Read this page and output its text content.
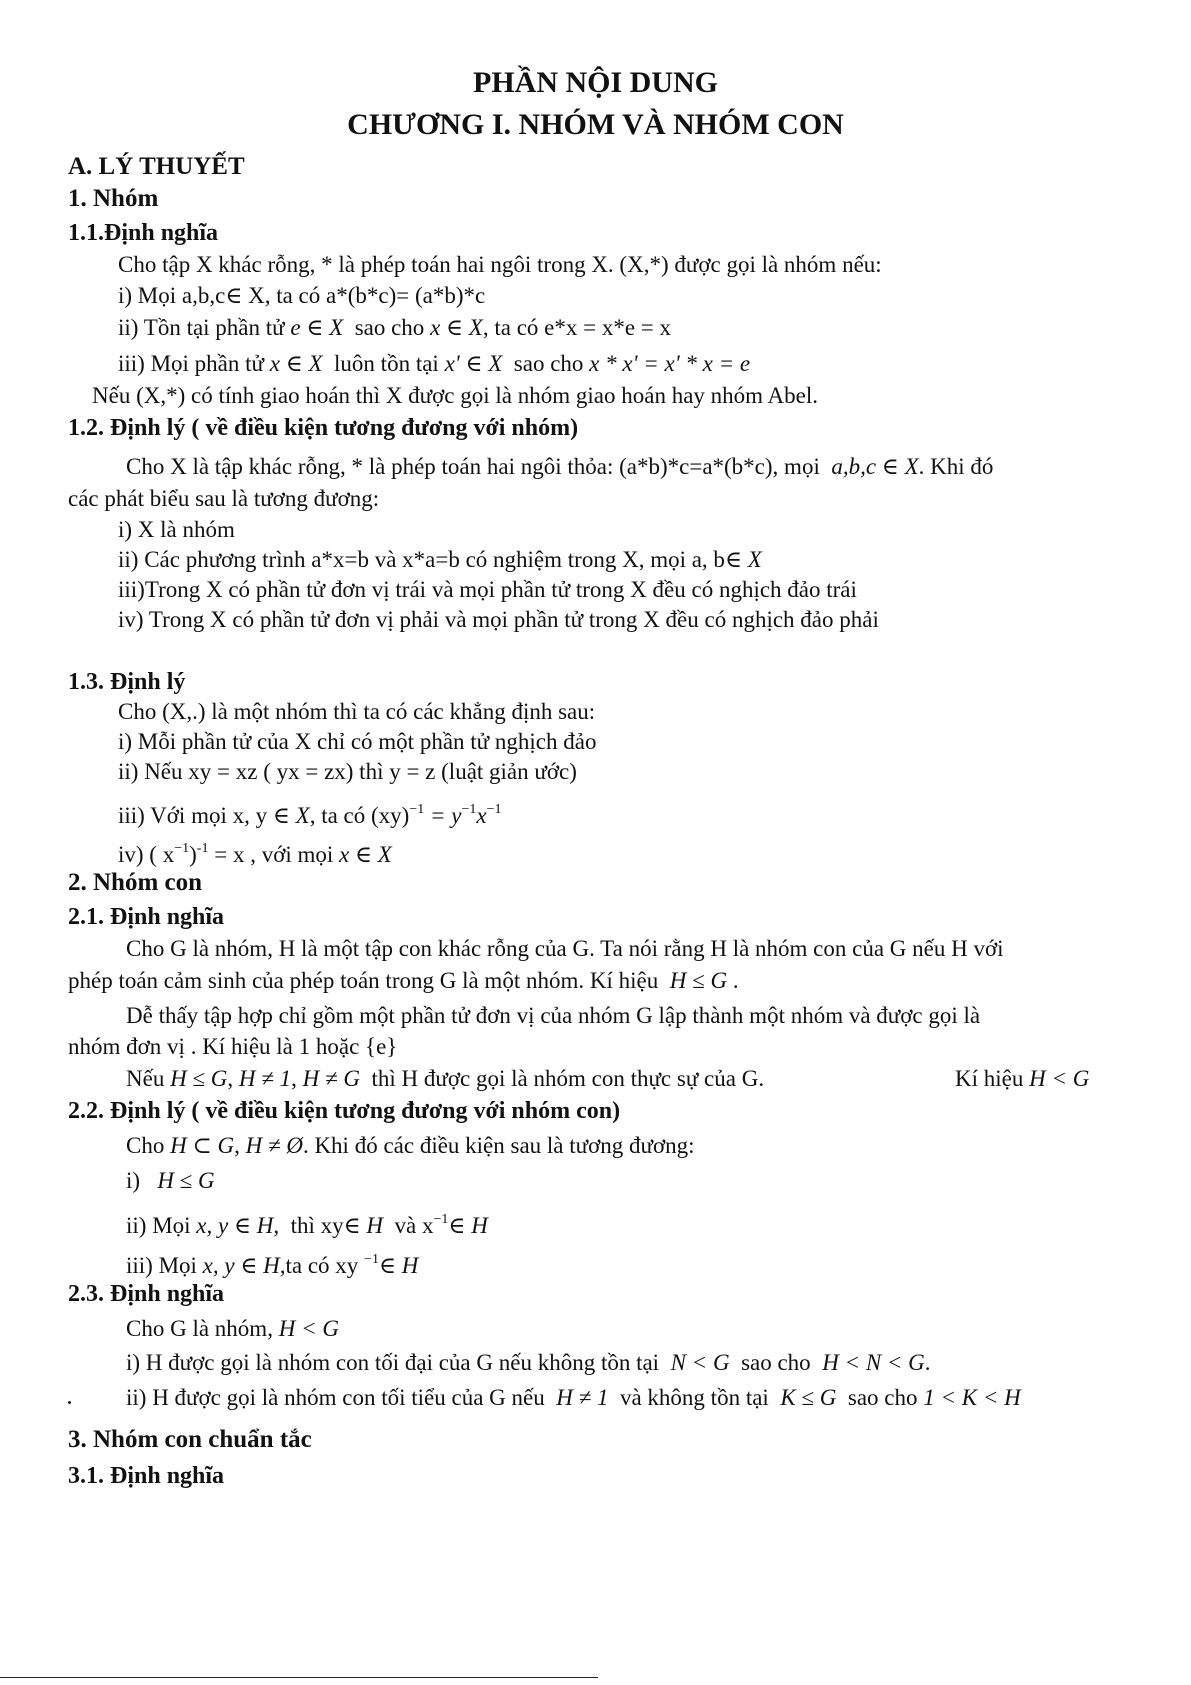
PHẦN NỘI DUNG
CHƯƠNG I. NHÓM VÀ NHÓM CON
A. LÝ THUYẾT
1. Nhóm
1.1.Định nghĩa
Cho tập X khác rỗng, * là phép toán hai ngôi trong X. (X,*) được gọi là nhóm nếu:
i) Mọi a,b,c∈ X, ta có a*(b*c)= (a*b)*c
ii) Tồn tại phần tử e ∈ X sao cho x ∈ X, ta có e*x = x*e = x
iii) Mọi phần tử x ∈ X luôn tồn tại x' ∈ X sao cho x * x' = x' * x = e
Nếu (X,*) có tính giao hoán thì X được gọi là nhóm giao hoán hay nhóm Abel.
1.2. Định lý ( về điều kiện tương đương với nhóm)
Cho X là tập khác rỗng, * là phép toán hai ngôi thỏa: (a*b)*c=a*(b*c), mọi a,b,c ∈ X. Khi đó
các phát biểu sau là tương đương:
i) X là nhóm
ii) Các phương trình a*x=b và x*a=b có nghiệm trong X, mọi a, b∈ X
iii)Trong X có phần tử đơn vị trái và mọi phần tử trong X đều có nghịch đảo trái
iv) Trong X có phần tử đơn vị phải và mọi phần tử trong X đều có nghịch đảo phải
1.3. Định lý
Cho (X,.) là một nhóm thì ta có các khẳng định sau:
i) Mỗi phần tử của X chỉ có một phần tử nghịch đảo
ii) Nếu xy = xz ( yx = zx) thì y = z (luật giản ước)
iii) Với mọi x, y ∈ X, ta có $(xy)^{-1} = y^{-1}x^{-1}$
iv) ( $x^{-1})^{-1} = x$ , với mọi x ∈ X
2. Nhóm con
2.1. Định nghĩa
Cho G là nhóm, H là một tập con khác rỗng của G. Ta nói rằng H là nhóm con của G nếu H với
phép toán cảm sinh của phép toán trong G là một nhóm. Kí hiệu H ≤ G .
Dễ thấy tập hợp chỉ gồm một phần tử đơn vị của nhóm G lập thành một nhóm và được gọi là
nhóm đơn vị . Kí hiệu là 1 hoặc {e}
Nếu H ≤ G, H ≠ 1, H ≠ G thì H được gọi là nhóm con thực sự của G.	Kí hiệu H < G
2.2. Định lý ( về điều kiện tương đương với nhóm con)
Cho H ⊂ G, H ≠ Ø. Khi đó các điều kiện sau là tương đương:
i) H ≤ G
ii) Mọi x, y ∈ H, thì xy∈ H và $x^{-1}\in$ H
iii) Mọi x, y ∈ H,ta có xy $^{-1}$∈ H
2.3. Định nghĩa
Cho G là nhóm, H < G
i) H được gọi là nhóm con tối đại của G nếu không tồn tại N < G sao cho H < N < G.
ii) H được gọi là nhóm con tối tiểu của G nếu H ≠ 1 và không tồn tại K ≤ G sao cho 1 < K < H
3. Nhóm con chuẩn tắc
3.1. Định nghĩa
